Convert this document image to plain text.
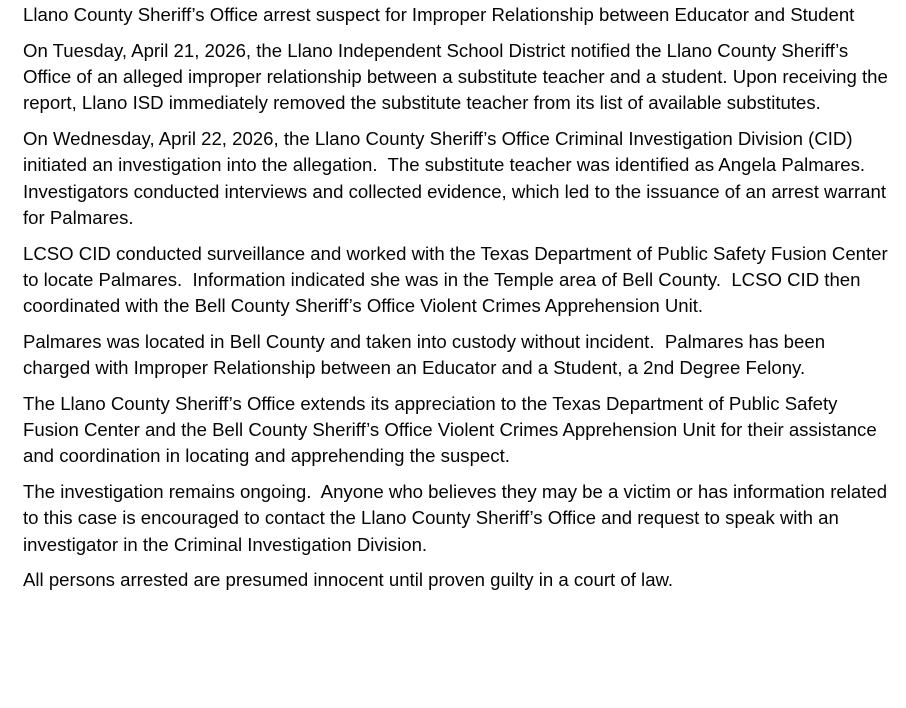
Llano County Sheriff’s Office arrest suspect for Improper Relationship between Educator and Student

On Tuesday, April 21, 2026, the Llano Independent School District notified the Llano County Sheriff’s Office of an alleged improper relationship between a substitute teacher and a student. Upon receiving the report, Llano ISD immediately removed the substitute teacher from its list of available substitutes.

On Wednesday, April 22, 2026, the Llano County Sheriff’s Office Criminal Investigation Division (CID) initiated an investigation into the allegation.  The substitute teacher was identified as Angela Palmares.  Investigators conducted interviews and collected evidence, which led to the issuance of an arrest warrant for Palmares.

LCSO CID conducted surveillance and worked with the Texas Department of Public Safety Fusion Center to locate Palmares.  Information indicated she was in the Temple area of Bell County.  LCSO CID then coordinated with the Bell County Sheriff’s Office Violent Crimes Apprehension Unit.

Palmares was located in Bell County and taken into custody without incident.  Palmares has been charged with Improper Relationship between an Educator and a Student, a 2nd Degree Felony.

The Llano County Sheriff’s Office extends its appreciation to the Texas Department of Public Safety Fusion Center and the Bell County Sheriff’s Office Violent Crimes Apprehension Unit for their assistance and coordination in locating and apprehending the suspect.

The investigation remains ongoing.  Anyone who believes they may be a victim or has information related to this case is encouraged to contact the Llano County Sheriff’s Office and request to speak with an investigator in the Criminal Investigation Division.

All persons arrested are presumed innocent until proven guilty in a court of law.
